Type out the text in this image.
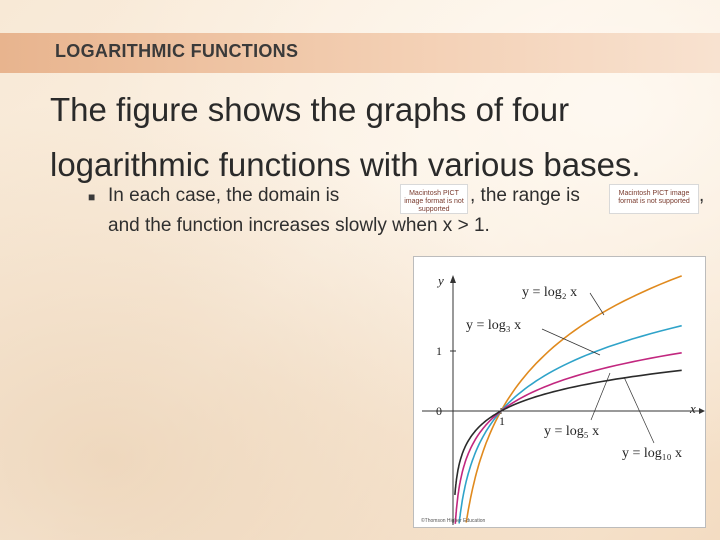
LOGARITHMIC FUNCTIONS
The figure shows the graphs of four logarithmic functions with various bases.
■ In each case, the domain is	Macintosh PICT image format is not supported
, the range is	Macintosh PICT image format is not supported ,
and the function increases slowly when x > 1.
x
y
1
0
1
y = log₂ x
y = log₃ x
y = log₅ x
y = log₁₀ x
©Thomson Higher Education
